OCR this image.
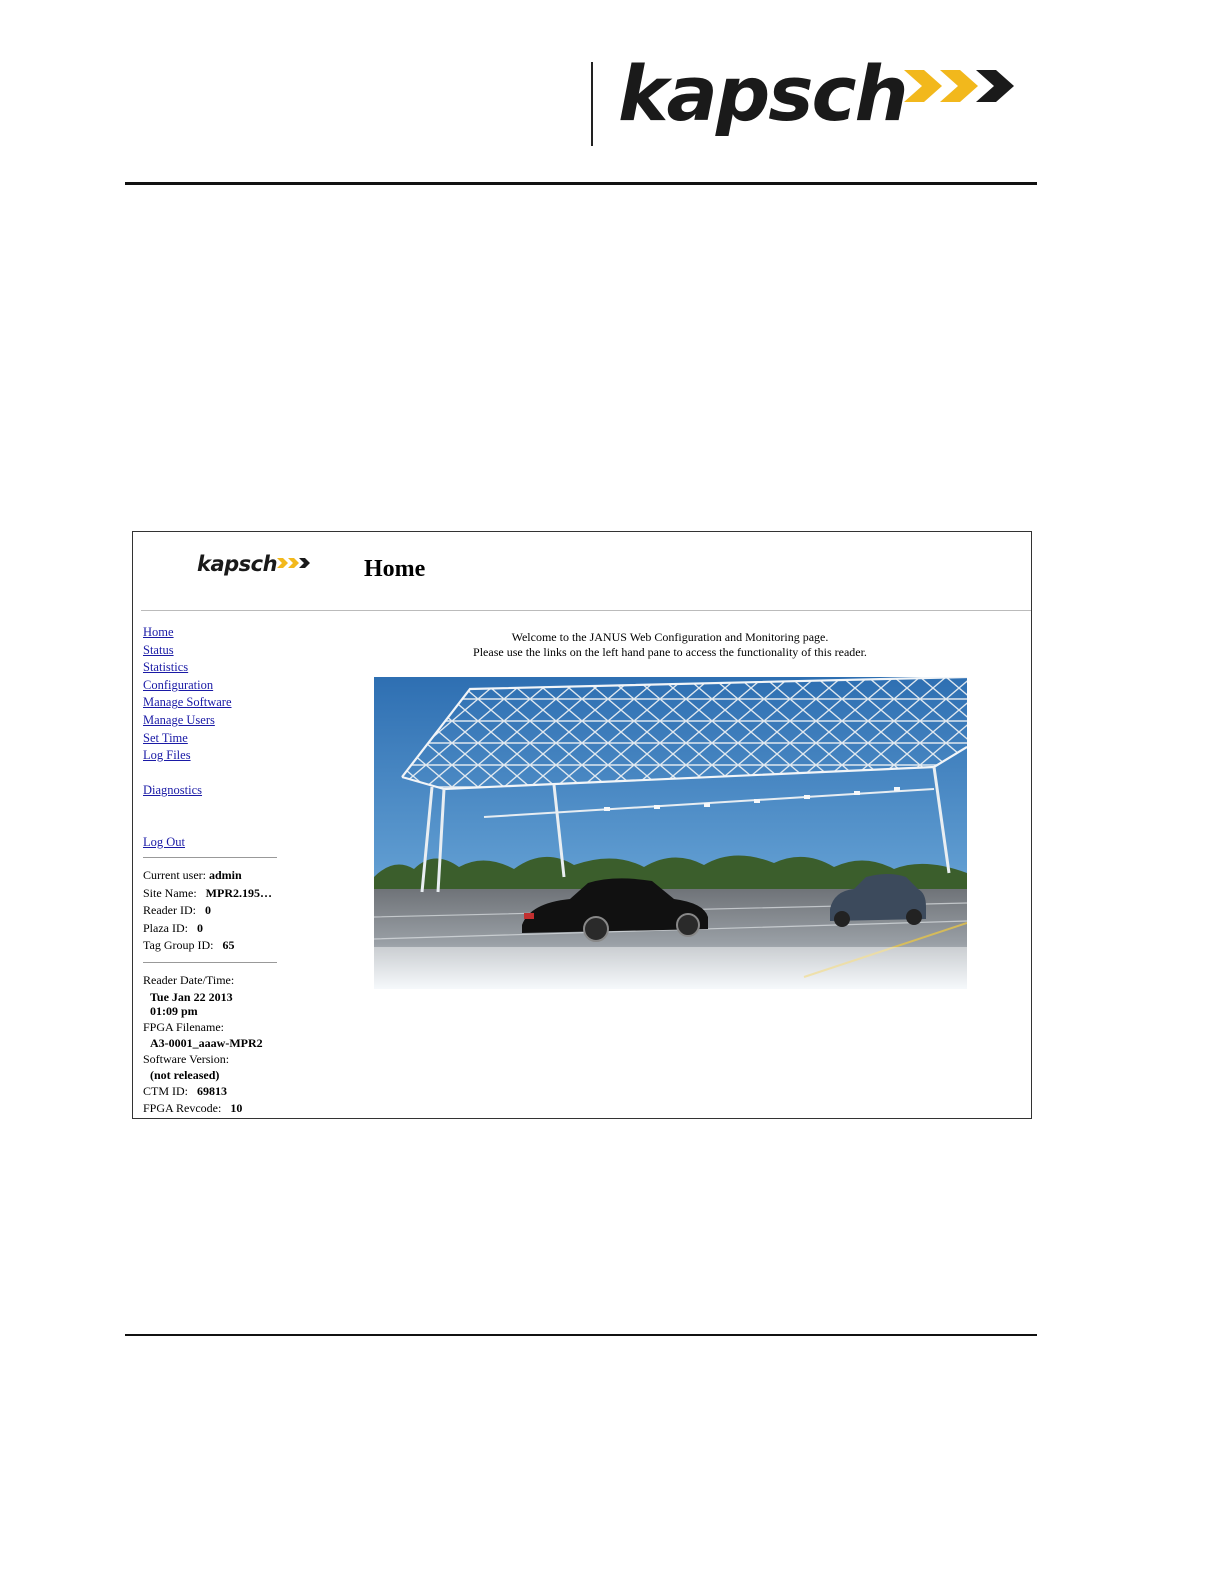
kapsch
kapsch	Home
Home
Status
Statistics
Configuration
Manage Software
Manage Users
Set Time
Log Files
Diagnostics
Log Out
Current user: admin
Site Name: MPR2.195…
Reader ID: 0
Plaza ID: 0
Tag Group ID: 65
Reader Date/Time:
Tue Jan 22 2013
01:09 pm
FPGA Filename:
A3-0001_aaaw-MPR2
Software Version:
(not released)
CTM ID: 69813
FPGA Revcode: 10
Welcome to the JANUS Web Configuration and Monitoring page.
Please use the links on the left hand pane to access the functionality of this reader.
